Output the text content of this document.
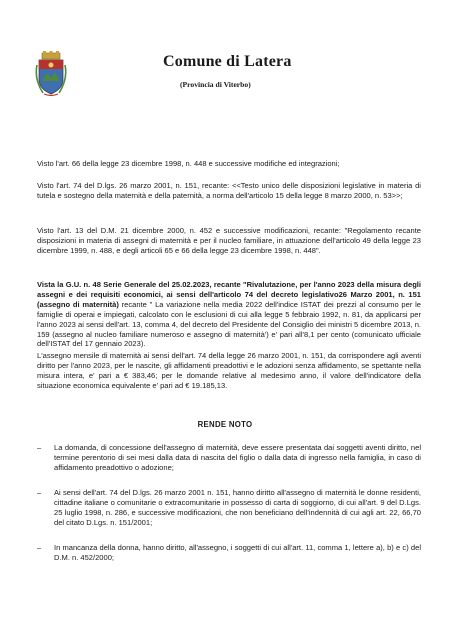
Comune di Latera
(Provincia di Viterbo)
Visto l'art. 66 della legge 23 dicembre 1998, n. 448 e successive modifiche ed integrazioni;
Visto l'art. 74 del D.lgs. 26 marzo 2001, n. 151, recante: <<Testo unico delle disposizioni legislative in materia di tutela e sostegno della maternità e della paternità, a norma dell'articolo 15 della legge 8 marzo 2000, n. 53>>;
Visto l'art. 13 del D.M. 21 dicembre 2000, n. 452 e successive modificazioni, recante: "Regolamento recante disposizioni in materia di assegni di maternità e per il nucleo familiare, in attuazione dell'articolo 49 della legge 23 dicembre 1999, n. 488, e degli articoli 65 e 66 della legge 23 dicembre 1998, n. 448".
Vista la G.U. n. 48 Serie Generale del 25.02.2023, recante "Rivalutazione, per l'anno 2023 della misura degli assegni e dei requisiti economici, ai sensi dell'articolo 74 del decreto legislativo26 Marzo 2001, n. 151 (assegno di maternità) recante " La variazione nella media 2022 dell'indice ISTAT dei prezzi al consumo per le famiglie di operai e impiegati, calcolato con le esclusioni di cui alla legge 5 febbraio 1992, n. 81, da applicarsi per l'anno 2023 ai sensi dell'art. 13, comma 4, del decreto del Presidente del Consiglio dei ministri 5 dicembre 2013, n. 159 (assegno al nucleo familiare numeroso e assegno di maternità') e' pari all'8,1 per cento (comunicato ufficiale dell'ISTAT del 17 gennaio 2023).
L'assegno mensile di maternità ai sensi dell'art. 74 della legge 26 marzo 2001, n. 151, da corrispondere agli aventi diritto per l'anno 2023, per le nascite, gli affidamenti preadottivi e le adozioni senza affidamento, se spettante nella misura intera, e' pari a € 383,46; per le domande relative al medesimo anno, il valore dell'indicatore della situazione economica equivalente e' pari ad € 19.185,13.
RENDE NOTO
–	La domanda, di concessione dell'assegno di maternità, deve essere presentata dai soggetti aventi diritto, nel termine perentorio di sei mesi dalla data di nascita del figlio o dalla data di ingresso nella famiglia, in caso di affidamento preadottivo o adozione;
–	Ai sensi dell'art. 74 del D.lgs. 26 marzo 2001 n. 151, hanno diritto all'assegno di maternità le donne residenti, cittadine italiane o comunitarie o extracomunitarie in possesso di carta di soggiorno, di cui all'art. 9 del D.Lgs. 25 luglio 1998, n. 286, e successive modificazioni, che non beneficiano dell'indennità di cui agli art. 22, 66,70 del citato D.Lgs. n. 151/2001;
–	In mancanza della donna, hanno diritto, all'assegno, i soggetti di cui all'art. 11, comma 1, lettere a), b) e c) del D.M. n. 452/2000;
